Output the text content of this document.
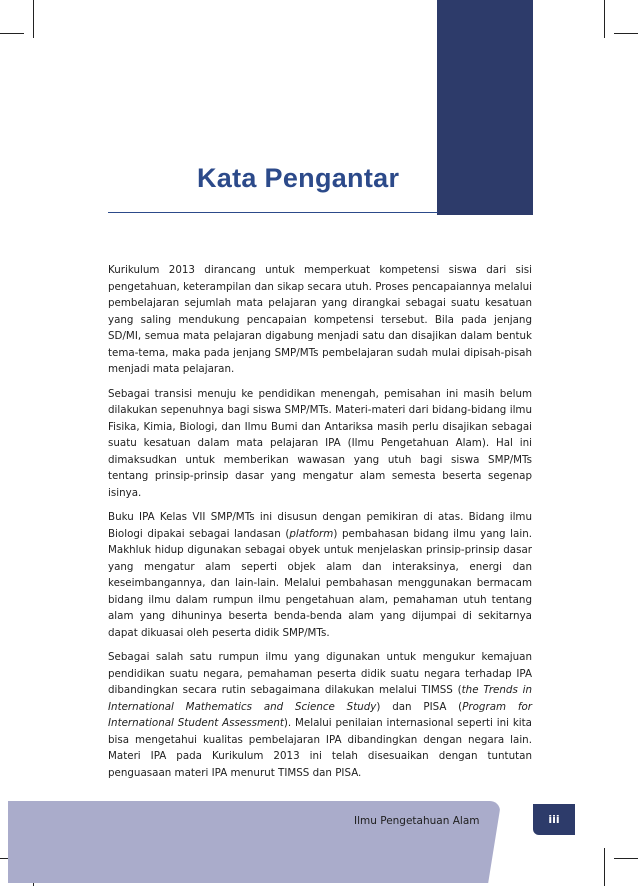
Kata Pengantar

Kurikulum 2013 dirancang untuk memperkuat kompetensi siswa dari sisi pengetahuan, keterampilan dan sikap secara utuh. Proses pencapaiannya melalui pembelajaran sejumlah mata pelajaran yang dirangkai sebagai suatu kesatuan yang saling mendukung pencapaian kompetensi tersebut. Bila pada jenjang SD/MI, semua mata pelajaran digabung menjadi satu dan disajikan dalam bentuk tema-tema, maka pada jenjang SMP/MTs pembelajaran sudah mulai dipisah-pisah menjadi mata pelajaran.

Sebagai transisi menuju ke pendidikan menengah, pemisahan ini masih belum dilakukan sepenuhnya bagi siswa SMP/MTs. Materi-materi dari bidang-bidang ilmu Fisika, Kimia, Biologi, dan Ilmu Bumi dan Antariksa masih perlu disajikan sebagai suatu kesatuan dalam mata pelajaran IPA (Ilmu Pengetahuan Alam). Hal ini dimaksudkan untuk memberikan wawasan yang utuh bagi siswa SMP/MTs tentang prinsip-prinsip dasar yang mengatur alam semesta beserta segenap isinya.

Buku IPA Kelas VII SMP/MTs ini disusun dengan pemikiran di atas. Bidang ilmu Biologi dipakai sebagai landasan (platform) pembahasan bidang ilmu yang lain. Makhluk hidup digunakan sebagai obyek untuk menjelaskan prinsip-prinsip dasar yang mengatur alam seperti objek alam dan interaksinya, energi dan keseimbangannya, dan lain-lain. Melalui pembahasan menggunakan bermacam bidang ilmu dalam rumpun ilmu pengetahuan alam, pemahaman utuh tentang alam yang dihuninya beserta benda-benda alam yang dijumpai di sekitarnya dapat dikuasai oleh peserta didik SMP/MTs.

Sebagai salah satu rumpun ilmu yang digunakan untuk mengukur kemajuan pendidikan suatu negara, pemahaman peserta didik suatu negara terhadap IPA dibandingkan secara rutin sebagaimana dilakukan melalui TIMSS (the Trends in International Mathematics and Science Study) dan PISA (Program for International Student Assessment). Melalui penilaian internasional seperti ini kita bisa mengetahui kualitas pembelajaran IPA dibandingkan dengan negara lain. Materi IPA pada Kurikulum 2013 ini telah disesuaikan dengan tuntutan penguasaan materi IPA menurut TIMSS dan PISA.

Ilmu Pengetahuan Alam	iii
